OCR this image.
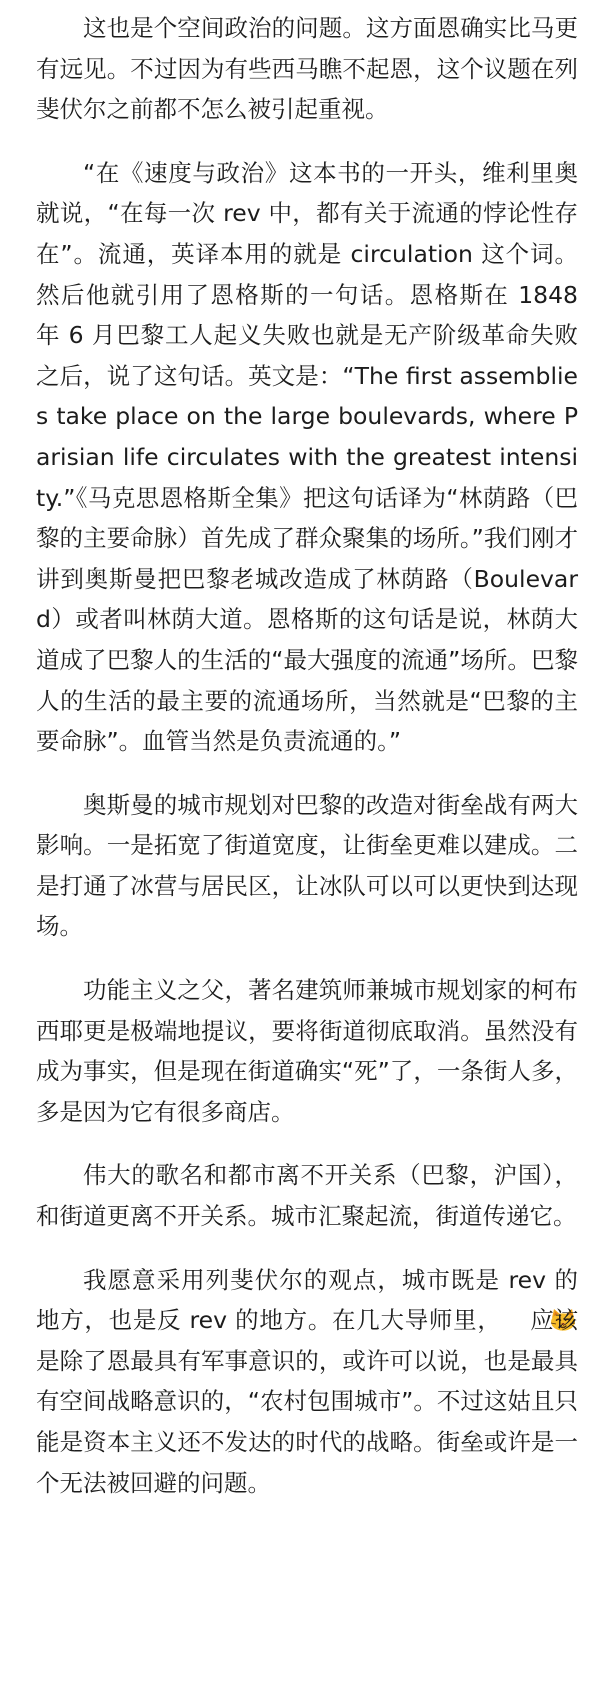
这也是个空间政治的问题。这方面恩确实比马更有远见。不过因为有些西马瞧不起恩，这个议题在列斐伏尔之前都不怎么被引起重视。

“在《速度与政治》这本书的一开头，维利里奥就说，“在每一次 rev 中，都有关于流通的悖论性存在”。流通，英译本用的就是 circulation 这个词。然后他就引用了恩格斯的一句话。恩格斯在 1848 年 6 月巴黎工人起义失败也就是无产阶级革命失败之后，说了这句话。英文是：“The first assemblies take place on the large boulevards, where Parisian life circulates with the greatest intensity.”《马克思恩格斯全集》把这句话译为“林荫路（巴黎的主要命脉）首先成了群众聚集的场所。”我们刚才讲到奥斯曼把巴黎老城改造成了林荫路（Boulevard）或者叫林荫大道。恩格斯的这句话是说，林荫大道成了巴黎人的生活的“最大强度的流通”场所。巴黎人的生活的最主要的流通场所，当然就是“巴黎的主要命脉”。血管当然是负责流通的。”

奥斯曼的城市规划对巴黎的改造对街垒战有两大影响。一是拓宽了街道宽度，让街垒更难以建成。二是打通了冰营与居民区，让冰队可以可以更快到达现场。

功能主义之父，著名建筑师兼城市规划家的柯布西耶更是极端地提议，要将街道彻底取消。虽然没有成为事实，但是现在街道确实“死”了，一条街人多，多是因为它有很多商店。

伟大的歌名和都市离不开关系（巴黎，沪国），和街道更离不开关系。城市汇聚起流，街道传递它。

我愿意采用列斐伏尔的观点，城市既是 rev 的地方，也是反 rev 的地方。在几大导师里， 应该是除了恩最具有军事意识的，或许可以说，也是最具有空间战略意识的，“农村包围城市”。不过这姑且只能是资本主义还不发达的时代的战略。街垒或许是一个无法被回避的问题。
